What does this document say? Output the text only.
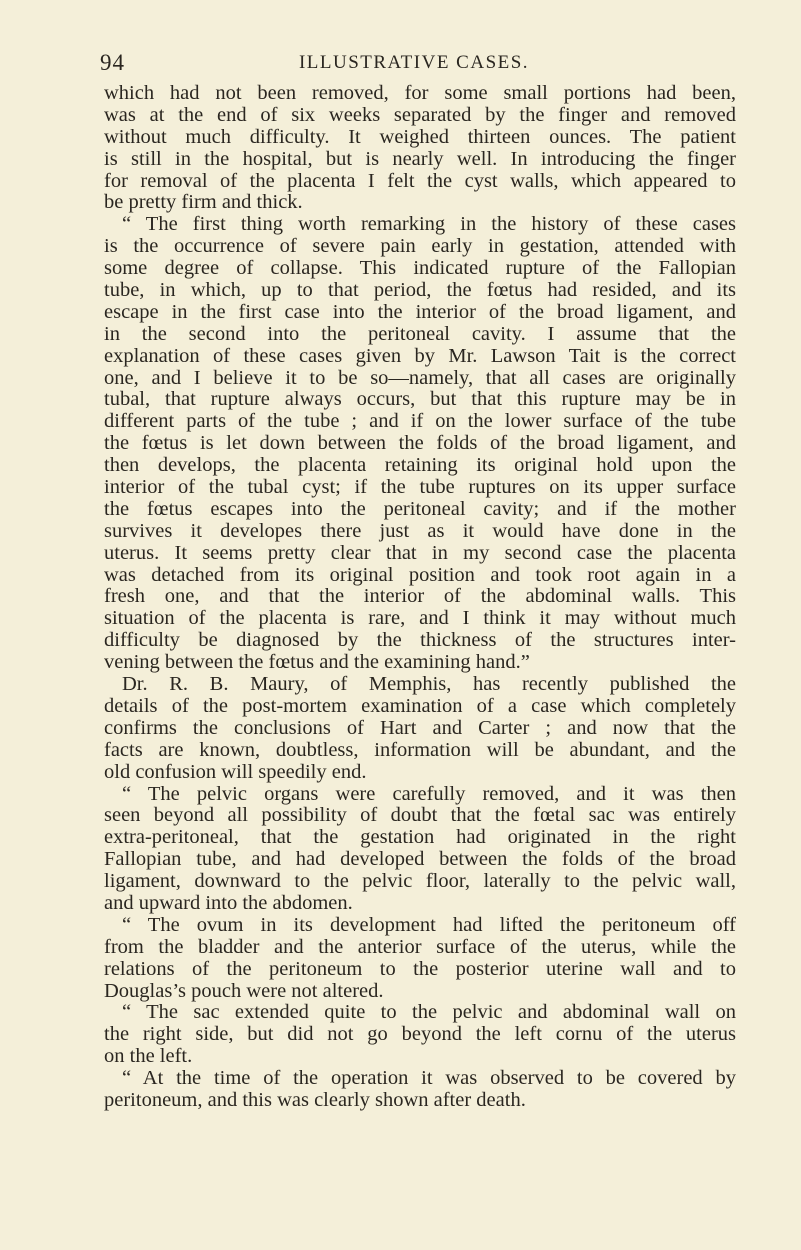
94	ILLUSTRATIVE CASES.
which had not been removed, for some small portions had been,
was at the end of six weeks separated by the finger and removed
without much difficulty. It weighed thirteen ounces. The patient
is still in the hospital, but is nearly well. In introducing the finger
for removal of the placenta I felt the cyst walls, which appeared to
be pretty firm and thick.
“ The first thing worth remarking in the history of these cases
is the occurrence of severe pain early in gestation, attended with
some degree of collapse. This indicated rupture of the Fallopian
tube, in which, up to that period, the fœtus had resided, and its
escape in the first case into the interior of the broad ligament, and
in the second into the peritoneal cavity. I assume that the
explanation of these cases given by Mr. Lawson Tait is the correct
one, and I believe it to be so—namely, that all cases are originally
tubal, that rupture always occurs, but that this rupture may be in
different parts of the tube ; and if on the lower surface of the tube
the fœtus is let down between the folds of the broad ligament, and
then develops, the placenta retaining its original hold upon the
interior of the tubal cyst; if the tube ruptures on its upper surface
the fœtus escapes into the peritoneal cavity; and if the mother
survives it developes there just as it would have done in the
uterus. It seems pretty clear that in my second case the placenta
was detached from its original position and took root again in a
fresh one, and that the interior of the abdominal walls. This
situation of the placenta is rare, and I think it may without much
difficulty be diagnosed by the thickness of the structures inter-
vening between the fœtus and the examining hand.”
Dr. R. B. Maury, of Memphis, has recently published the
details of the post-mortem examination of a case which completely
confirms the conclusions of Hart and Carter ; and now that the
facts are known, doubtless, information will be abundant, and the
old confusion will speedily end.
“ The pelvic organs were carefully removed, and it was then
seen beyond all possibility of doubt that the fœtal sac was entirely
extra-peritoneal, that the gestation had originated in the right
Fallopian tube, and had developed between the folds of the broad
ligament, downward to the pelvic floor, laterally to the pelvic wall,
and upward into the abdomen.
“ The ovum in its development had lifted the peritoneum off
from the bladder and the anterior surface of the uterus, while the
relations of the peritoneum to the posterior uterine wall and to
Douglas’s pouch were not altered.
“ The sac extended quite to the pelvic and abdominal wall on
the right side, but did not go beyond the left cornu of the uterus
on the left.
“ At the time of the operation it was observed to be covered by
peritoneum, and this was clearly shown after death.
